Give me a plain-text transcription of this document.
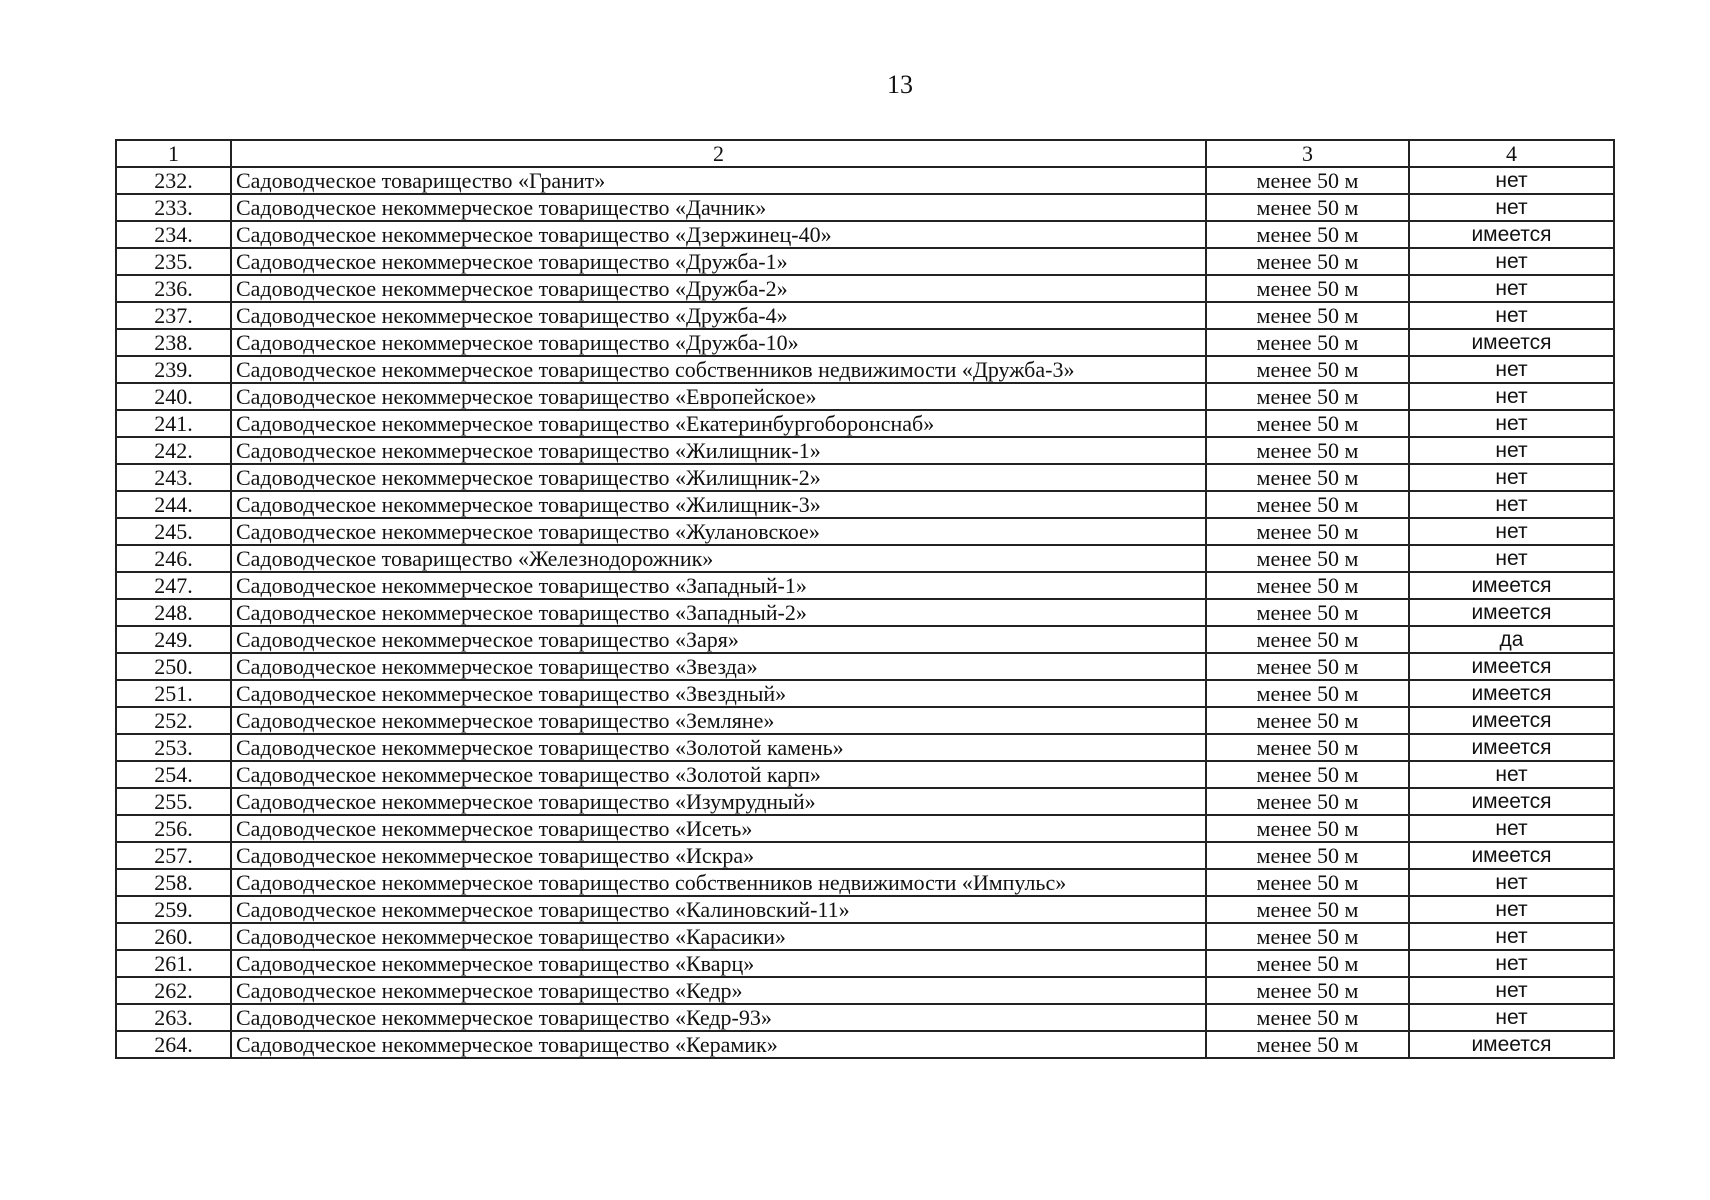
13
1	2	3	4
232.	Садоводческое товарищество «Гранит»	менее 50 м	нет
233.	Садоводческое некоммерческое товарищество «Дачник»	менее 50 м	нет
234.	Садоводческое некоммерческое товарищество «Дзержинец-40»	менее 50 м	имеется
235.	Садоводческое некоммерческое товарищество «Дружба-1»	менее 50 м	нет
236.	Садоводческое некоммерческое товарищество «Дружба-2»	менее 50 м	нет
237.	Садоводческое некоммерческое товарищество «Дружба-4»	менее 50 м	нет
238.	Садоводческое некоммерческое товарищество «Дружба-10»	менее 50 м	имеется
239.	Садоводческое некоммерческое товарищество собственников недвижимости «Дружба-3»	менее 50 м	нет
240.	Садоводческое некоммерческое товарищество «Европейское»	менее 50 м	нет
241.	Садоводческое некоммерческое товарищество «Екатеринбургоборонснаб»	менее 50 м	нет
242.	Садоводческое некоммерческое товарищество «Жилищник-1»	менее 50 м	нет
243.	Садоводческое некоммерческое товарищество «Жилищник-2»	менее 50 м	нет
244.	Садоводческое некоммерческое товарищество «Жилищник-3»	менее 50 м	нет
245.	Садоводческое некоммерческое товарищество «Жулановское»	менее 50 м	нет
246.	Садоводческое товарищество «Железнодорожник»	менее 50 м	нет
247.	Садоводческое некоммерческое товарищество «Западный-1»	менее 50 м	имеется
248.	Садоводческое некоммерческое товарищество «Западный-2»	менее 50 м	имеется
249.	Садоводческое некоммерческое товарищество «Заря»	менее 50 м	да
250.	Садоводческое некоммерческое товарищество «Звезда»	менее 50 м	имеется
251.	Садоводческое некоммерческое товарищество «Звездный»	менее 50 м	имеется
252.	Садоводческое некоммерческое товарищество «Земляне»	менее 50 м	имеется
253.	Садоводческое некоммерческое товарищество «Золотой камень»	менее 50 м	имеется
254.	Садоводческое некоммерческое товарищество «Золотой карп»	менее 50 м	нет
255.	Садоводческое некоммерческое товарищество «Изумрудный»	менее 50 м	имеется
256.	Садоводческое некоммерческое товарищество «Исеть»	менее 50 м	нет
257.	Садоводческое некоммерческое товарищество «Искра»	менее 50 м	имеется
258.	Садоводческое некоммерческое товарищество собственников недвижимости «Импульс»	менее 50 м	нет
259.	Садоводческое некоммерческое товарищество «Калиновский-11»	менее 50 м	нет
260.	Садоводческое некоммерческое товарищество «Карасики»	менее 50 м	нет
261.	Садоводческое некоммерческое товарищество «Кварц»	менее 50 м	нет
262.	Садоводческое некоммерческое товарищество «Кедр»	менее 50 м	нет
263.	Садоводческое некоммерческое товарищество «Кедр-93»	менее 50 м	нет
264.	Садоводческое некоммерческое товарищество «Керамик»	менее 50 м	имеется
